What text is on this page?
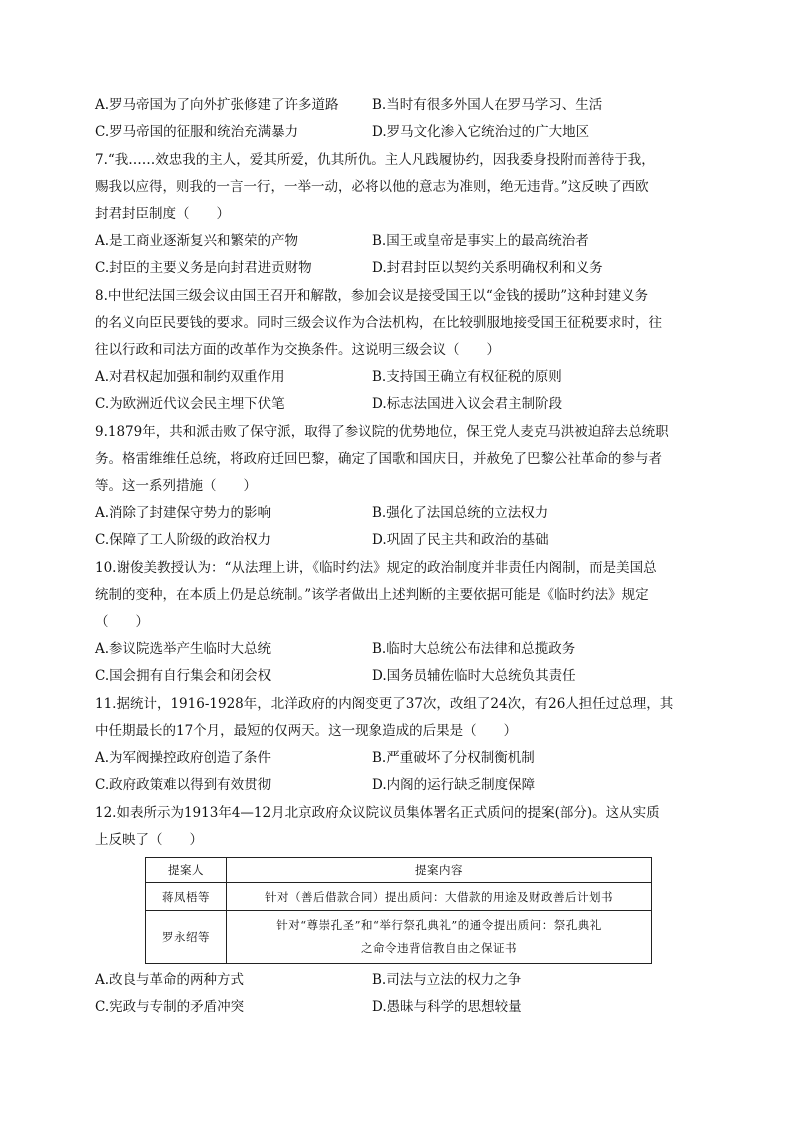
A.罗马帝国为了向外扩张修建了许多道路 B.当时有很多外国人在罗马学习、生活
C.罗马帝国的征服和统治充满暴力	D.罗马文化渗入它统治过的广大地区
7.“我……效忠我的主人，爱其所爱，仇其所仇。主人凡践履协约，因我委身投附而善待于我，
赐我以应得，则我的一言一行，一举一动，必将以他的意志为准则，绝无违背。”这反映了西欧
封君封臣制度（　　）
A.是工商业逐渐复兴和繁荣的产物	B.国王或皇帝是事实上的最高统治者
C.封臣的主要义务是向封君进贡财物	D.封君封臣以契约关系明确权利和义务
8.中世纪法国三级会议由国王召开和解散，参加会议是接受国王以“金钱的援助”这种封建义务
的名义向臣民要钱的要求。同时三级会议作为合法机构，在比较驯服地接受国王征税要求时，往
往以行政和司法方面的改革作为交换条件。这说明三级会议（　　）
A.对君权起加强和制约双重作用	B.支持国王确立有权征税的原则
C.为欧洲近代议会民主埋下伏笔	D.标志法国进入议会君主制阶段
9.1879年，共和派击败了保守派，取得了参议院的优势地位，保王党人麦克马洪被迫辞去总统职
务。格雷维维任总统，将政府迁回巴黎，确定了国歌和国庆日，并赦免了巴黎公社革命的参与者
等。这一系列措施（　　）
A.消除了封建保守势力的影响	B.强化了法国总统的立法权力
C.保障了工人阶级的政治权力	D.巩固了民主共和政治的基础
10.谢俊美教授认为：“从法理上讲，《临时约法》规定的政治制度并非责任内阁制，而是美国总
统制的变种，在本质上仍是总统制。”该学者做出上述判断的主要依据可能是《临时约法》规定
（　　）
A.参议院选举产生临时大总统	B.临时大总统公布法律和总揽政务
C.国会拥有自行集会和闭会权	D.国务员辅佐临时大总统负其责任
11.据统计，1916-1928年，北洋政府的内阁变更了37次，改组了24次，有26人担任过总理，其
中任期最长的17个月，最短的仅两天。这一现象造成的后果是（　　）
A.为军阀操控政府创造了条件	B.严重破坏了分权制衡机制
C.政府政策难以得到有效贯彻	D.内阁的运行缺乏制度保障
12.如表所示为1913年4—12月北京政府众议院议员集体署名正式质问的提案(部分)。这从实质
上反映了（　　）
提案人	提案内容
蒋凤梧等	针对（善后借款合同）提出质问：大借款的用途及财政善后计划书
罗永绍等	针对“尊崇孔圣”和“举行祭孔典礼”的通令提出质问：祭孔典礼
之命令违背信教自由之保证书
A.改良与革命的两种方式	B.司法与立法的权力之争
C.宪政与专制的矛盾冲突	D.愚昧与科学的思想较量
